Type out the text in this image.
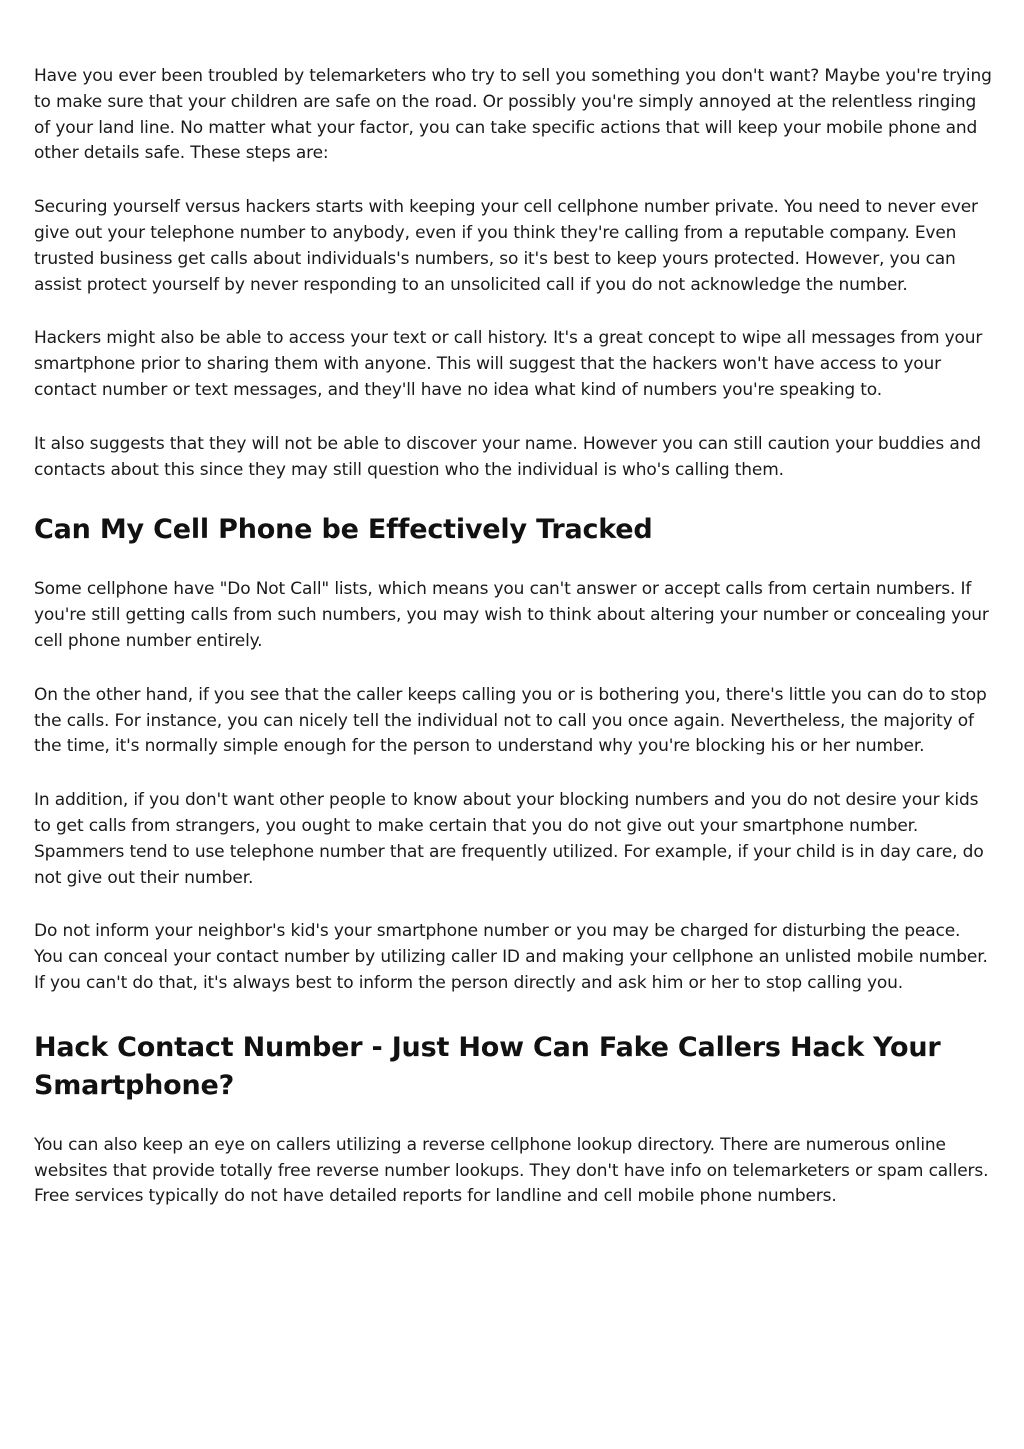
Have you ever been troubled by telemarketers who try to sell you something you don't want? Maybe you're trying to make sure that your children are safe on the road. Or possibly you're simply annoyed at the relentless ringing of your land line. No matter what your factor, you can take specific actions that will keep your mobile phone and other details safe. These steps are:

Securing yourself versus hackers starts with keeping your cell cellphone number private. You need to never ever give out your telephone number to anybody, even if you think they're calling from a reputable company. Even trusted business get calls about individuals's numbers, so it's best to keep yours protected. However, you can assist protect yourself by never responding to an unsolicited call if you do not acknowledge the number.

Hackers might also be able to access your text or call history. It's a great concept to wipe all messages from your smartphone prior to sharing them with anyone. This will suggest that the hackers won't have access to your contact number or text messages, and they'll have no idea what kind of numbers you're speaking to.

It also suggests that they will not be able to discover your name. However you can still caution your buddies and contacts about this since they may still question who the individual is who's calling them.

Can My Cell Phone be Effectively Tracked

Some cellphone have "Do Not Call" lists, which means you can't answer or accept calls from certain numbers. If you're still getting calls from such numbers, you may wish to think about altering your number or concealing your cell phone number entirely.

On the other hand, if you see that the caller keeps calling you or is bothering you, there's little you can do to stop the calls. For instance, you can nicely tell the individual not to call you once again. Nevertheless, the majority of the time, it's normally simple enough for the person to understand why you're blocking his or her number.

In addition, if you don't want other people to know about your blocking numbers and you do not desire your kids to get calls from strangers, you ought to make certain that you do not give out your smartphone number. Spammers tend to use telephone number that are frequently utilized. For example, if your child is in day care, do not give out their number.

Do not inform your neighbor's kid's your smartphone number or you may be charged for disturbing the peace. You can conceal your contact number by utilizing caller ID and making your cellphone an unlisted mobile number. If you can't do that, it's always best to inform the person directly and ask him or her to stop calling you.

Hack Contact Number - Just How Can Fake Callers Hack Your Smartphone?

You can also keep an eye on callers utilizing a reverse cellphone lookup directory. There are numerous online websites that provide totally free reverse number lookups. They don't have info on telemarketers or spam callers. Free services typically do not have detailed reports for landline and cell mobile phone numbers.
